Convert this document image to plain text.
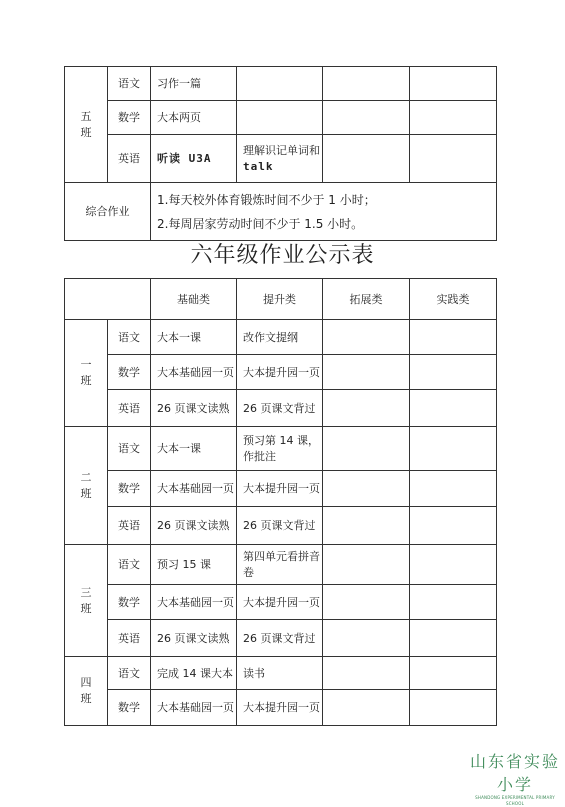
五
班	语文	习作一篇			
	数学	大本两页			
	英语	听读 U3A	理解识记单词和
talk		

综合作业		1.每天校外体育锻炼时间不少于 1 小时；
2.每周居家劳动时间不少于 1.5 小时。			
六年级作业公示表
		基础类	提升类	拓展类	实践类

一
班	语文	大本一课	改作文提纲		
	数学	大本基础园一页	大本提升园一页		
	英语	26 页课文读熟	26 页课文背过		

二
班	语文	大本一课	预习第 14 课，
作批注		

	数学	大本基础园一页	大本提升园一页		
	英语	26 页课文读熟	26 页课文背过		

三
班	语文	预习 15 课	第四单元看拼音
卷		

	数学	大本基础园一页	大本提升园一页		
	英语	26 页课文读熟	26 页课文背过		

四
班	语文	完成 14 课大本	读书		
	数学	大本基础园一页	大本提升园一页		
山东省实验小学
SHANDONG EXPERIMENTAL PRIMARY SCHOOL
